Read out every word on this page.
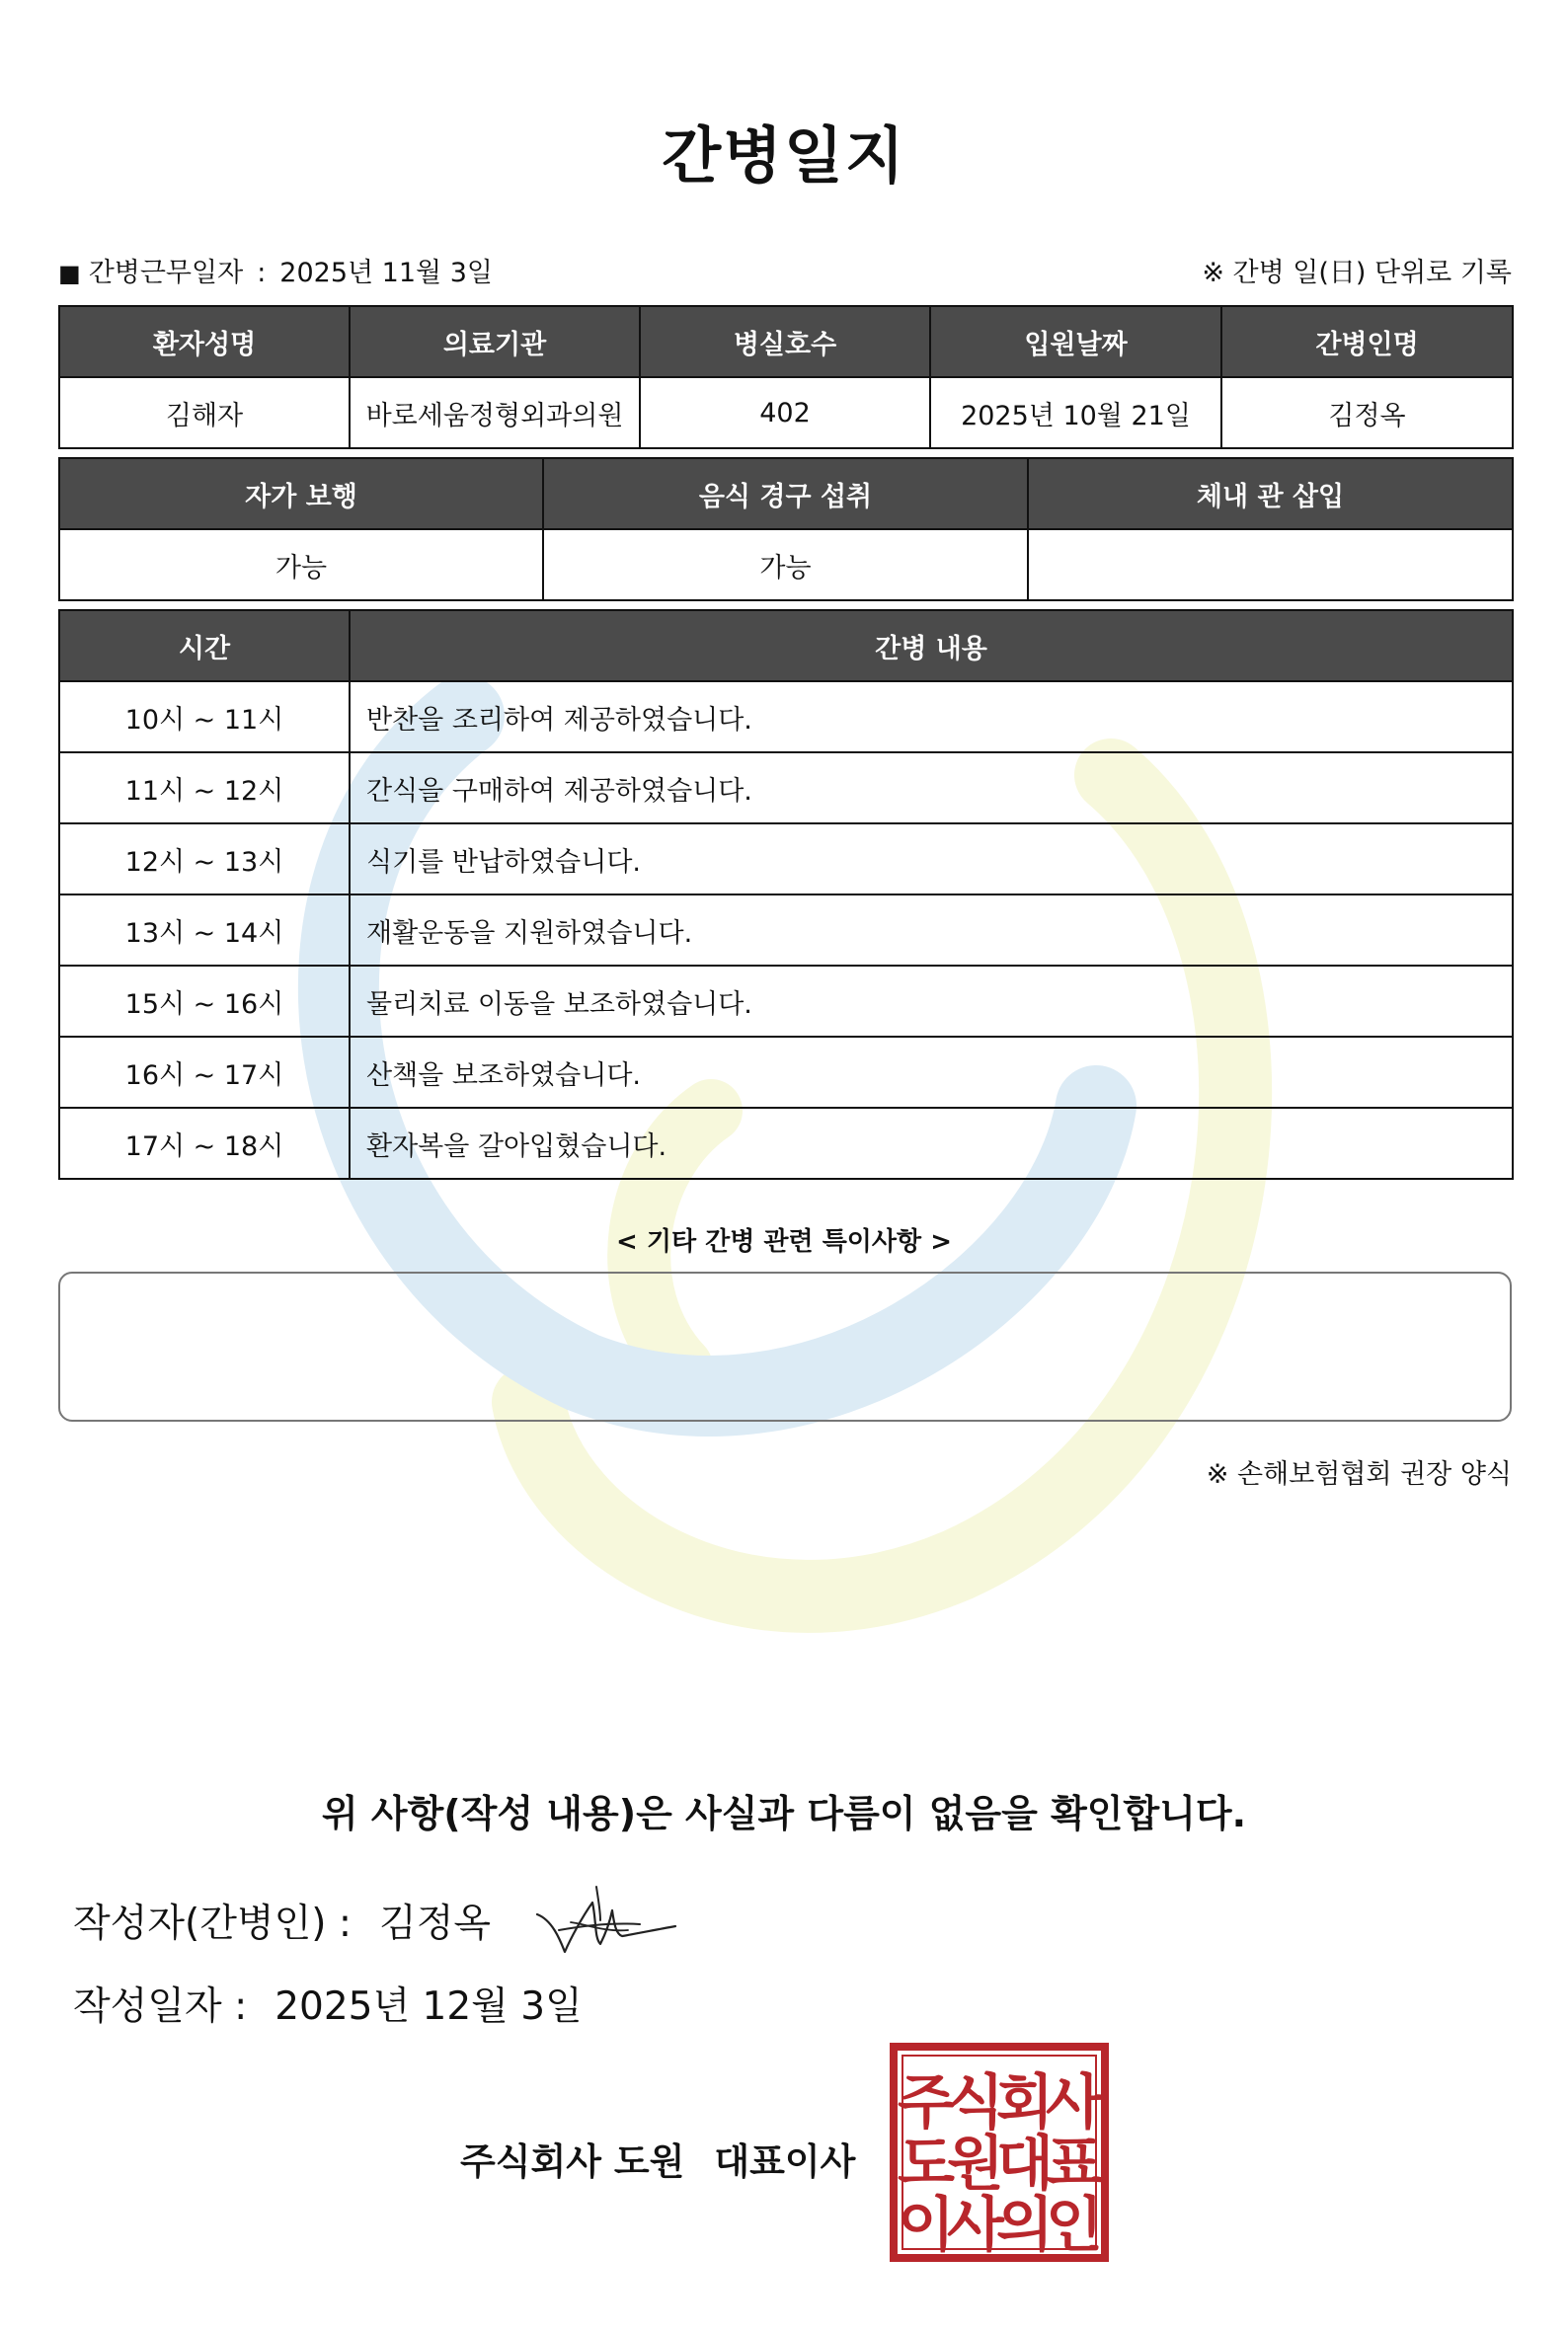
간병일지
■ 간병근무일자 : 2025년 11월 3일	※ 간병 일(日) 단위로 기록
환자성명	의료기관	병실호수	입원날짜	간병인명
김해자	바로세움정형외과의원	402	2025년 10월 21일	김정옥
자가 보행	음식 경구 섭취	체내 관 삽입
가능	가능	
시간	간병 내용
10시 ~ 11시	반찬을 조리하여 제공하였습니다.
11시 ~ 12시	간식을 구매하여 제공하였습니다.
12시 ~ 13시	식기를 반납하였습니다.
13시 ~ 14시	재활운동을 지원하였습니다.
15시 ~ 16시	물리치료 이동을 보조하였습니다.
16시 ~ 17시	산책을 보조하였습니다.
17시 ~ 18시	환자복을 갈아입혔습니다.
< 기타 간병 관련 특이사항 >
※ 손해보험협회 권장 양식
위 사항(작성 내용)은 사실과 다름이 없음을 확인합니다.
작성자(간병인) : 김정옥
작성일자 : 2025년 12월 3일
주식회사 도원 대표이사
주
식
회
사
도
원
대
표
이
사
의
인
